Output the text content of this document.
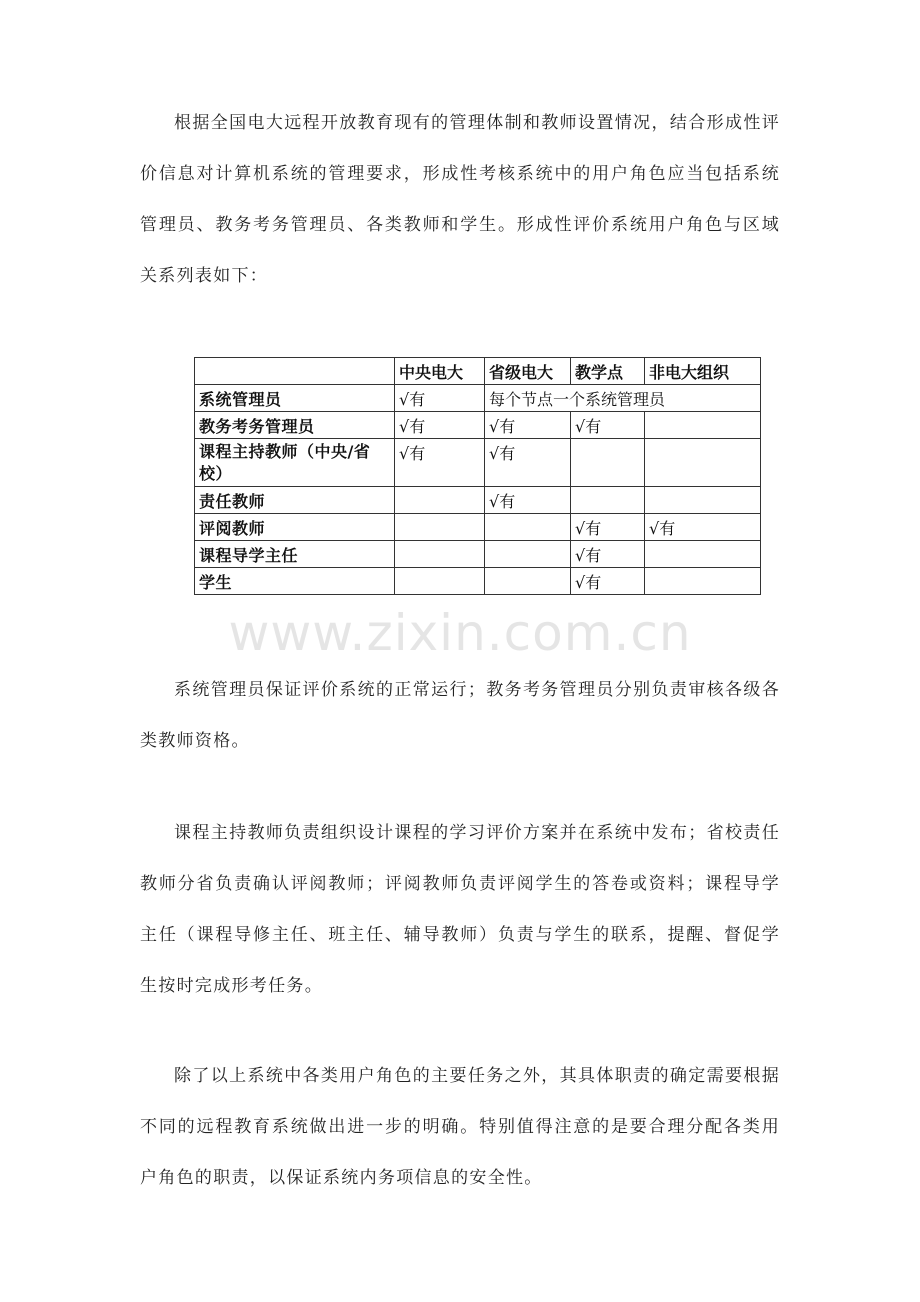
根据全国电大远程开放教育现有的管理体制和教师设置情况，结合形成性评价信息对计算机系统的管理要求，形成性考核系统中的用户角色应当包括系统管理员、教务考务管理员、各类教师和学生。形成性评价系统用户角色与区域关系列表如下：

	中央电大	省级电大	教学点	非电大组织
系统管理员	√有	每个节点一个系统管理员		
教务考务管理员	√有	√有	√有	
课程主持教师（中央/省校）	√有	√有		
责任教师		√有		
评阅教师			√有	√有
课程导学主任			√有	
学生			√有	
www.zixin.com.cn

系统管理员保证评价系统的正常运行；教务考务管理员分别负责审核各级各类教师资格。

课程主持教师负责组织设计课程的学习评价方案并在系统中发布；省校责任教师分省负责确认评阅教师；评阅教师负责评阅学生的答卷或资料；课程导学主任（课程导修主任、班主任、辅导教师）负责与学生的联系，提醒、督促学生按时完成形考任务。

除了以上系统中各类用户角色的主要任务之外，其具体职责的确定需要根据不同的远程教育系统做出进一步的明确。特别值得注意的是要合理分配各类用户角色的职责，以保证系统内务项信息的安全性。
